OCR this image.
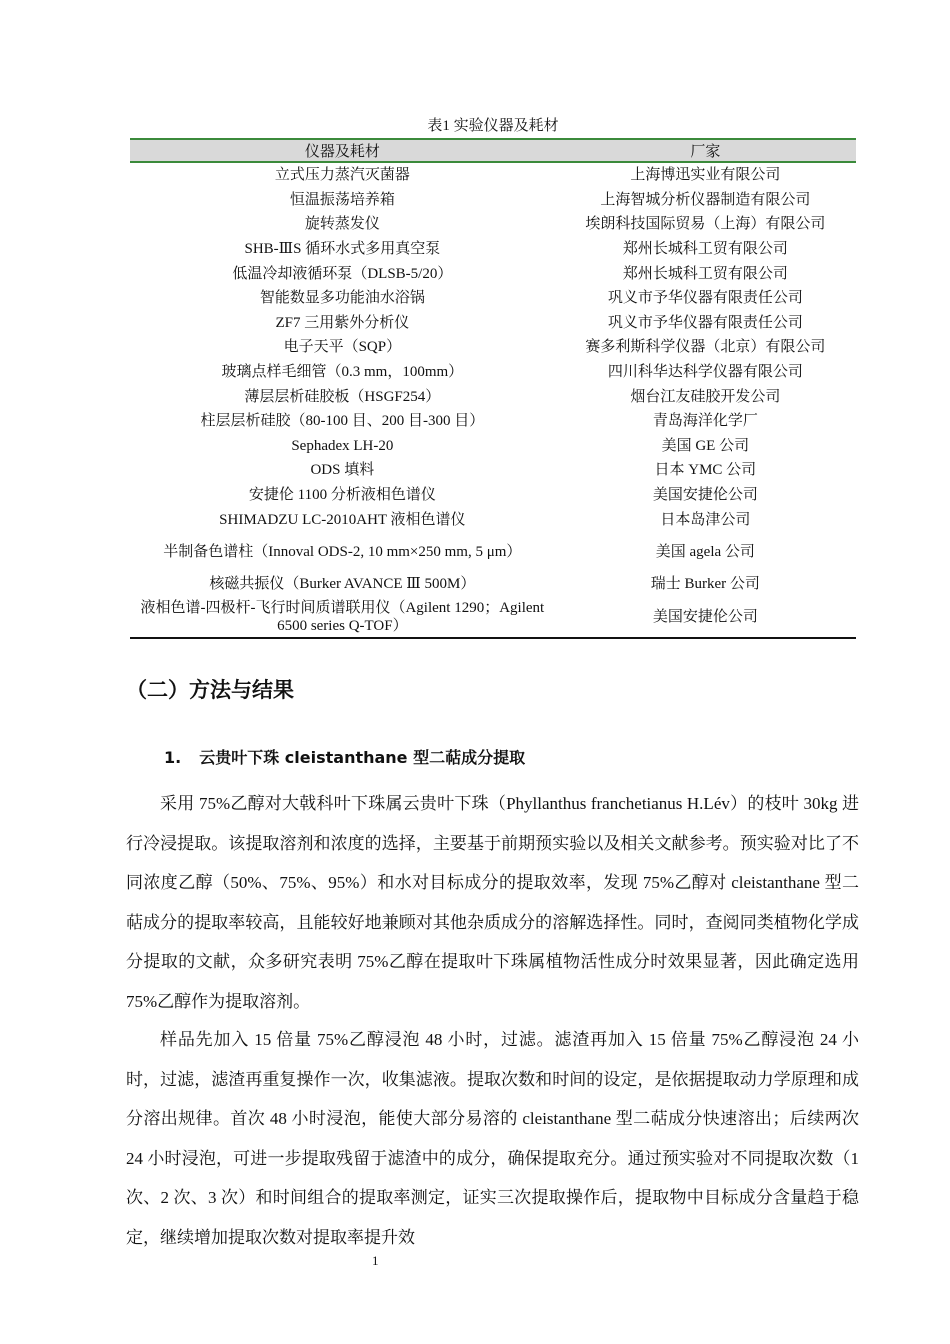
表1 实验仪器及耗材
仪器及耗材	厂家
立式压力蒸汽灭菌器	上海博迅实业有限公司
恒温振荡培养箱	上海智城分析仪器制造有限公司
旋转蒸发仪	埃朗科技国际贸易（上海）有限公司
SHB-ⅢS 循环水式多用真空泵	郑州长城科工贸有限公司
低温冷却液循环泵（DLSB-5/20）	郑州长城科工贸有限公司
智能数显多功能油水浴锅	巩义市予华仪器有限责任公司
ZF7 三用紫外分析仪	巩义市予华仪器有限责任公司
电子天平（SQP）	赛多利斯科学仪器（北京）有限公司
玻璃点样毛细管（0.3 mm，100mm）	四川科华达科学仪器有限公司
薄层层析硅胶板（HSGF254）	烟台江友硅胶开发公司
柱层层析硅胶（80-100 目、200 目-300 目）	青岛海洋化学厂
Sephadex LH-20	美国 GE 公司
ODS 填料	日本 YMC 公司
安捷伦 1100 分析液相色谱仪	美国安捷伦公司
SHIMADZU LC-2010AHT 液相色谱仪	日本岛津公司
半制备色谱柱（Innoval ODS-2, 10 mm×250 mm, 5 μm）	美国 agela 公司
核磁共振仪（Burker AVANCE Ⅲ 500M）	瑞士 Burker 公司
液相色谱-四极杆-飞行时间质谱联用仪（Agilent 1290；Agilent 6500 series Q-TOF）	美国安捷伦公司
（二）方法与结果
1. 云贵叶下珠 cleistanthane 型二萜成分提取

采用 75%乙醇对大戟科叶下珠属云贵叶下珠（Phyllanthus franchetianus H.Lév）的枝叶 30kg 进行冷浸提取。该提取溶剂和浓度的选择，主要基于前期预实验以及相关文献参考。预实验对比了不同浓度乙醇（50%、75%、95%）和水对目标成分的提取效率，发现 75%乙醇对 cleistanthane 型二萜成分的提取率较高，且能较好地兼顾对其他杂质成分的溶解选择性。同时，查阅同类植物化学成分提取的文献，众多研究表明 75%乙醇在提取叶下珠属植物活性成分时效果显著，因此确定选用 75%乙醇作为提取溶剂。

样品先加入 15 倍量 75%乙醇浸泡 48 小时，过滤。滤渣再加入 15 倍量 75%乙醇浸泡 24 小时，过滤，滤渣再重复操作一次，收集滤液。提取次数和时间的设定，是依据提取动力学原理和成分溶出规律。首次 48 小时浸泡，能使大部分易溶的 cleistanthane 型二萜成分快速溶出；后续两次 24 小时浸泡，可进一步提取残留于滤渣中的成分，确保提取充分。通过预实验对不同提取次数（1 次、2 次、3 次）和时间组合的提取率测定，证实三次提取操作后，提取物中目标成分含量趋于稳定，继续增加提取次数对提取率提升效

1
